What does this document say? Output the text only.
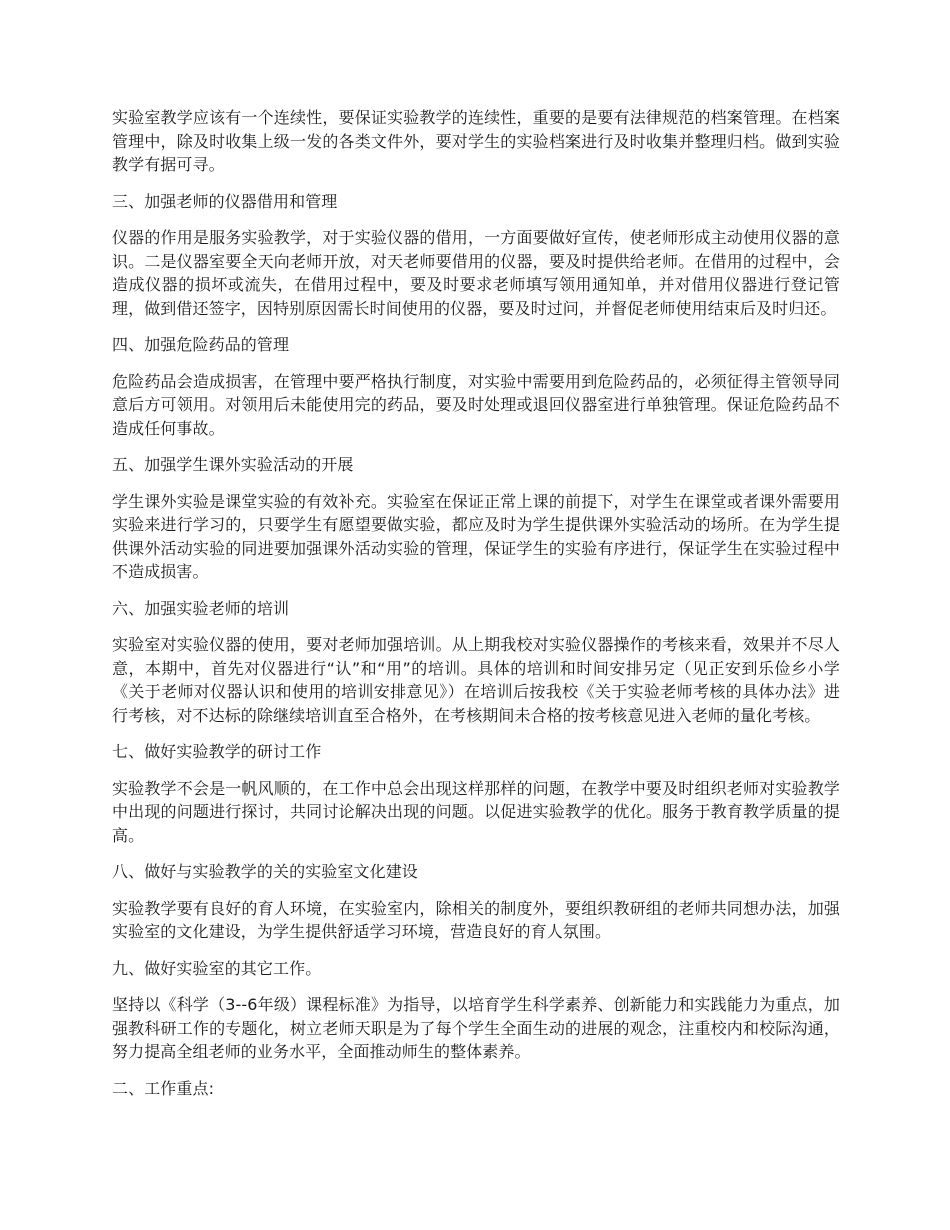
实验室教学应该有一个连续性，要保证实验教学的连续性，重要的是要有法律规范的档案管理。在档案管理中，除及时收集上级一发的各类文件外，要对学生的实验档案进行及时收集并整理归档。做到实验教学有据可寻。

三、加强老师的仪器借用和管理

仪器的作用是服务实验教学，对于实验仪器的借用，一方面要做好宣传，使老师形成主动使用仪器的意识。二是仪器室要全天向老师开放，对天老师要借用的仪器，要及时提供给老师。在借用的过程中，会造成仪器的损坏或流失，在借用过程中，要及时要求老师填写领用通知单，并对借用仪器进行登记管理，做到借还签字，因特别原因需长时间使用的仪器，要及时过问，并督促老师使用结束后及时归还。

四、加强危险药品的管理

危险药品会造成损害，在管理中要严格执行制度，对实验中需要用到危险药品的，必须征得主管领导同意后方可领用。对领用后未能使用完的药品，要及时处理或退回仪器室进行单独管理。保证危险药品不造成任何事故。

五、加强学生课外实验活动的开展

学生课外实验是课堂实验的有效补充。实验室在保证正常上课的前提下，对学生在课堂或者课外需要用实验来进行学习的，只要学生有愿望要做实验，都应及时为学生提供课外实验活动的场所。在为学生提供课外活动实验的同进要加强课外活动实验的管理，保证学生的实验有序进行，保证学生在实验过程中不造成损害。

六、加强实验老师的培训

实验室对实验仪器的使用，要对老师加强培训。从上期我校对实验仪器操作的考核来看，效果并不尽人意，本期中，首先对仪器进行“认”和“用”的培训。具体的培训和时间安排另定（见正安到乐俭乡小学《关于老师对仪器认识和使用的培训安排意见》）在培训后按我校《关于实验老师考核的具体办法》进行考核，对不达标的除继续培训直至合格外，在考核期间未合格的按考核意见进入老师的量化考核。

七、做好实验教学的研讨工作

实验教学不会是一帆风顺的，在工作中总会出现这样那样的问题，在教学中要及时组织老师对实验教学中出现的问题进行探讨，共同讨论解决出现的问题。以促进实验教学的优化。服务于教育教学质量的提高。

八、做好与实验教学的关的实验室文化建设

实验教学要有良好的育人环境，在实验室内，除相关的制度外，要组织教研组的老师共同想办法，加强实验室的文化建设，为学生提供舒适学习环境，营造良好的育人氛围。

九、做好实验室的其它工作。

坚持以《科学（3--6年级）课程标准》为指导，以培育学生科学素养、创新能力和实践能力为重点，加强教科研工作的专题化，树立老师天职是为了每个学生全面生动的进展的观念，注重校内和校际沟通，努力提高全组老师的业务水平，全面推动师生的整体素养。

二、工作重点:
